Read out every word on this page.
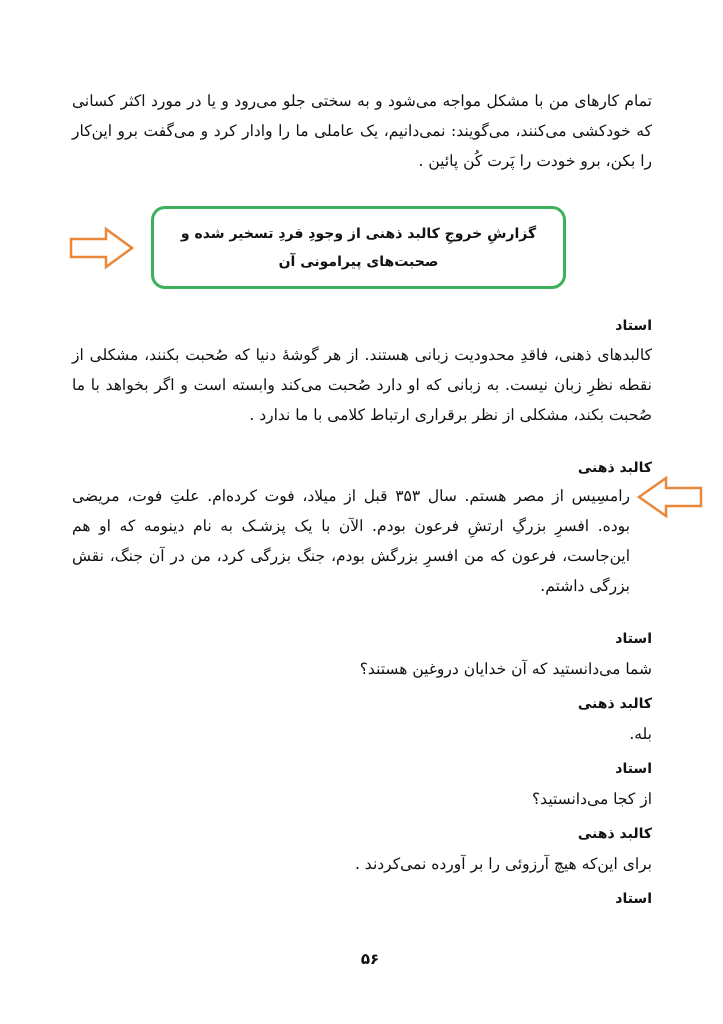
تمام کارهای من با مشکل مواجه می‌شود و به سختی جلو می‌رود و یا در مورد اکثر کسانی که خودکشی می‌کنند، می‌گویند: نمی‌دانیم، یک عاملی ما را وادار کرد و می‌گفت برو این‌کار را بکن، برو خودت را پَرت کُن پائین .

گزارشِ خروجِ کالبد ذهنی از وجودِ فردِ تسخیر شده و صحبت‌های پیرامونی آن
استاد

کالبدهای ذهنی، فاقدِ محدودیت زبانی هستند. از هر گوشهٔ دنیا که صُحبت بکنند، مشکلی از نقطه نظرِ زبان نیست. به زبانی که او دارد صُحبت می‌کند وابسته است و اگر بخواهد با ما صُحبت بکند، مشکلی از نظر برقراری ارتباط کلامی با ما ندارد .

کالبد ذهنی

رامسِیس از مصر هستم. سال ۳۵۳ قبل از میلاد، فوت کرده‌ام. علتِ فوت، مریضی بوده. افسرِ بزرگِ ارتشِ فرعون بودم. الآن با یک پزشـک به نام دینومه که او هم این‌جاست، فرعون که من افسرِ بزرگش بودم، جنگ بزرگی کرد، من در آن جنگ، نقش بزرگی داشتم.

استاد

شما می‌دانستید که آن خدایان دروغین هستند؟

کالبد ذهنی

بله.

استاد

از کجا می‌دانستید؟

کالبد ذهنی

برای این‌که هیچ آرزوئی را بر آورده نمی‌کردند .

استاد
۵۶
